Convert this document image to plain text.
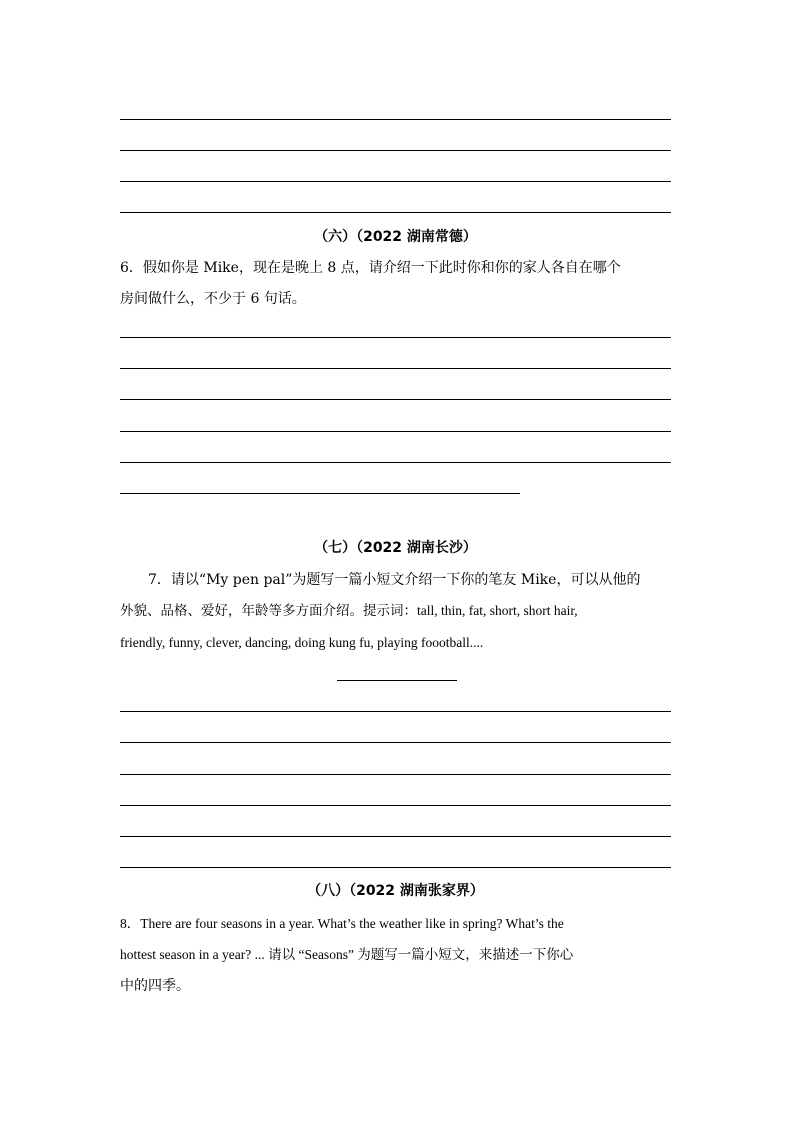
（六）（2022 湖南常德）
6．假如你是 Mike，现在是晚上 8 点，请介绍一下此时你和你的家人各自在哪个
房间做什么，不少于 6 句话。
（七）（2022 湖南长沙）
7．请以“My pen pal”为题写一篇小短文介绍一下你的笔友 Mike，可以从他的
外貌、品格、爱好，年龄等多方面介绍。提示词：tall, thin, fat, short, short hair,
friendly, funny, clever, dancing, doing kung fu, playing foootball....
（八）（2022 湖南张家界）
8．There are four seasons in a year. What’s the weather like in spring? What’s the
hottest season in a year? ... 请以 “Seasons” 为题写一篇小短文，来描述一下你心
中的四季。
